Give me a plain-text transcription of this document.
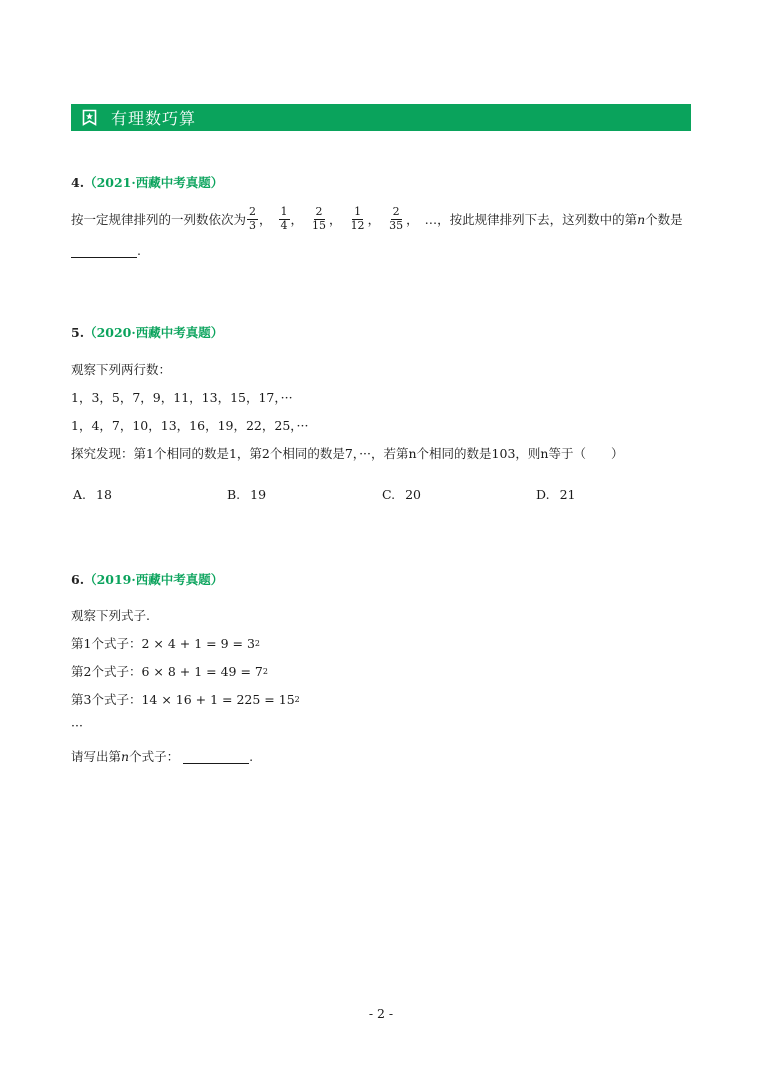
有理数巧算
4.（2021·西藏中考真题）
按一定规律排列的一列数依次为 $\frac{2}{3}$ ， $\frac{1}{4}$ ， $\frac{2}{15}$ ， $\frac{1}{12}$ ， $\frac{2}{35}$ ， …，按此规律排列下去，这列数中的第 n 个数是
.
5.（2020·西藏中考真题）
观察下列两行数：
1，3，5，7，9，11，13，15，17，···
1，4，7，10，13，16，19，22，25，···
探究发现：第1个相同的数是1，第2个相同的数是7，···，若第n个相同的数是103，则n等于（　　）
A. 18	B. 19	C. 20	D. 21
6.（2019·西藏中考真题）
观察下列式子.
第1个式子： 2 × 4 + 1 = 9 = 3 2
第2个式子： 6 × 8 + 1 = 49 = 7 2
第3个式子： 14 × 16 + 1 = 225 = 15 2
···
请写出第 n 个式子：	.
- 2 -
